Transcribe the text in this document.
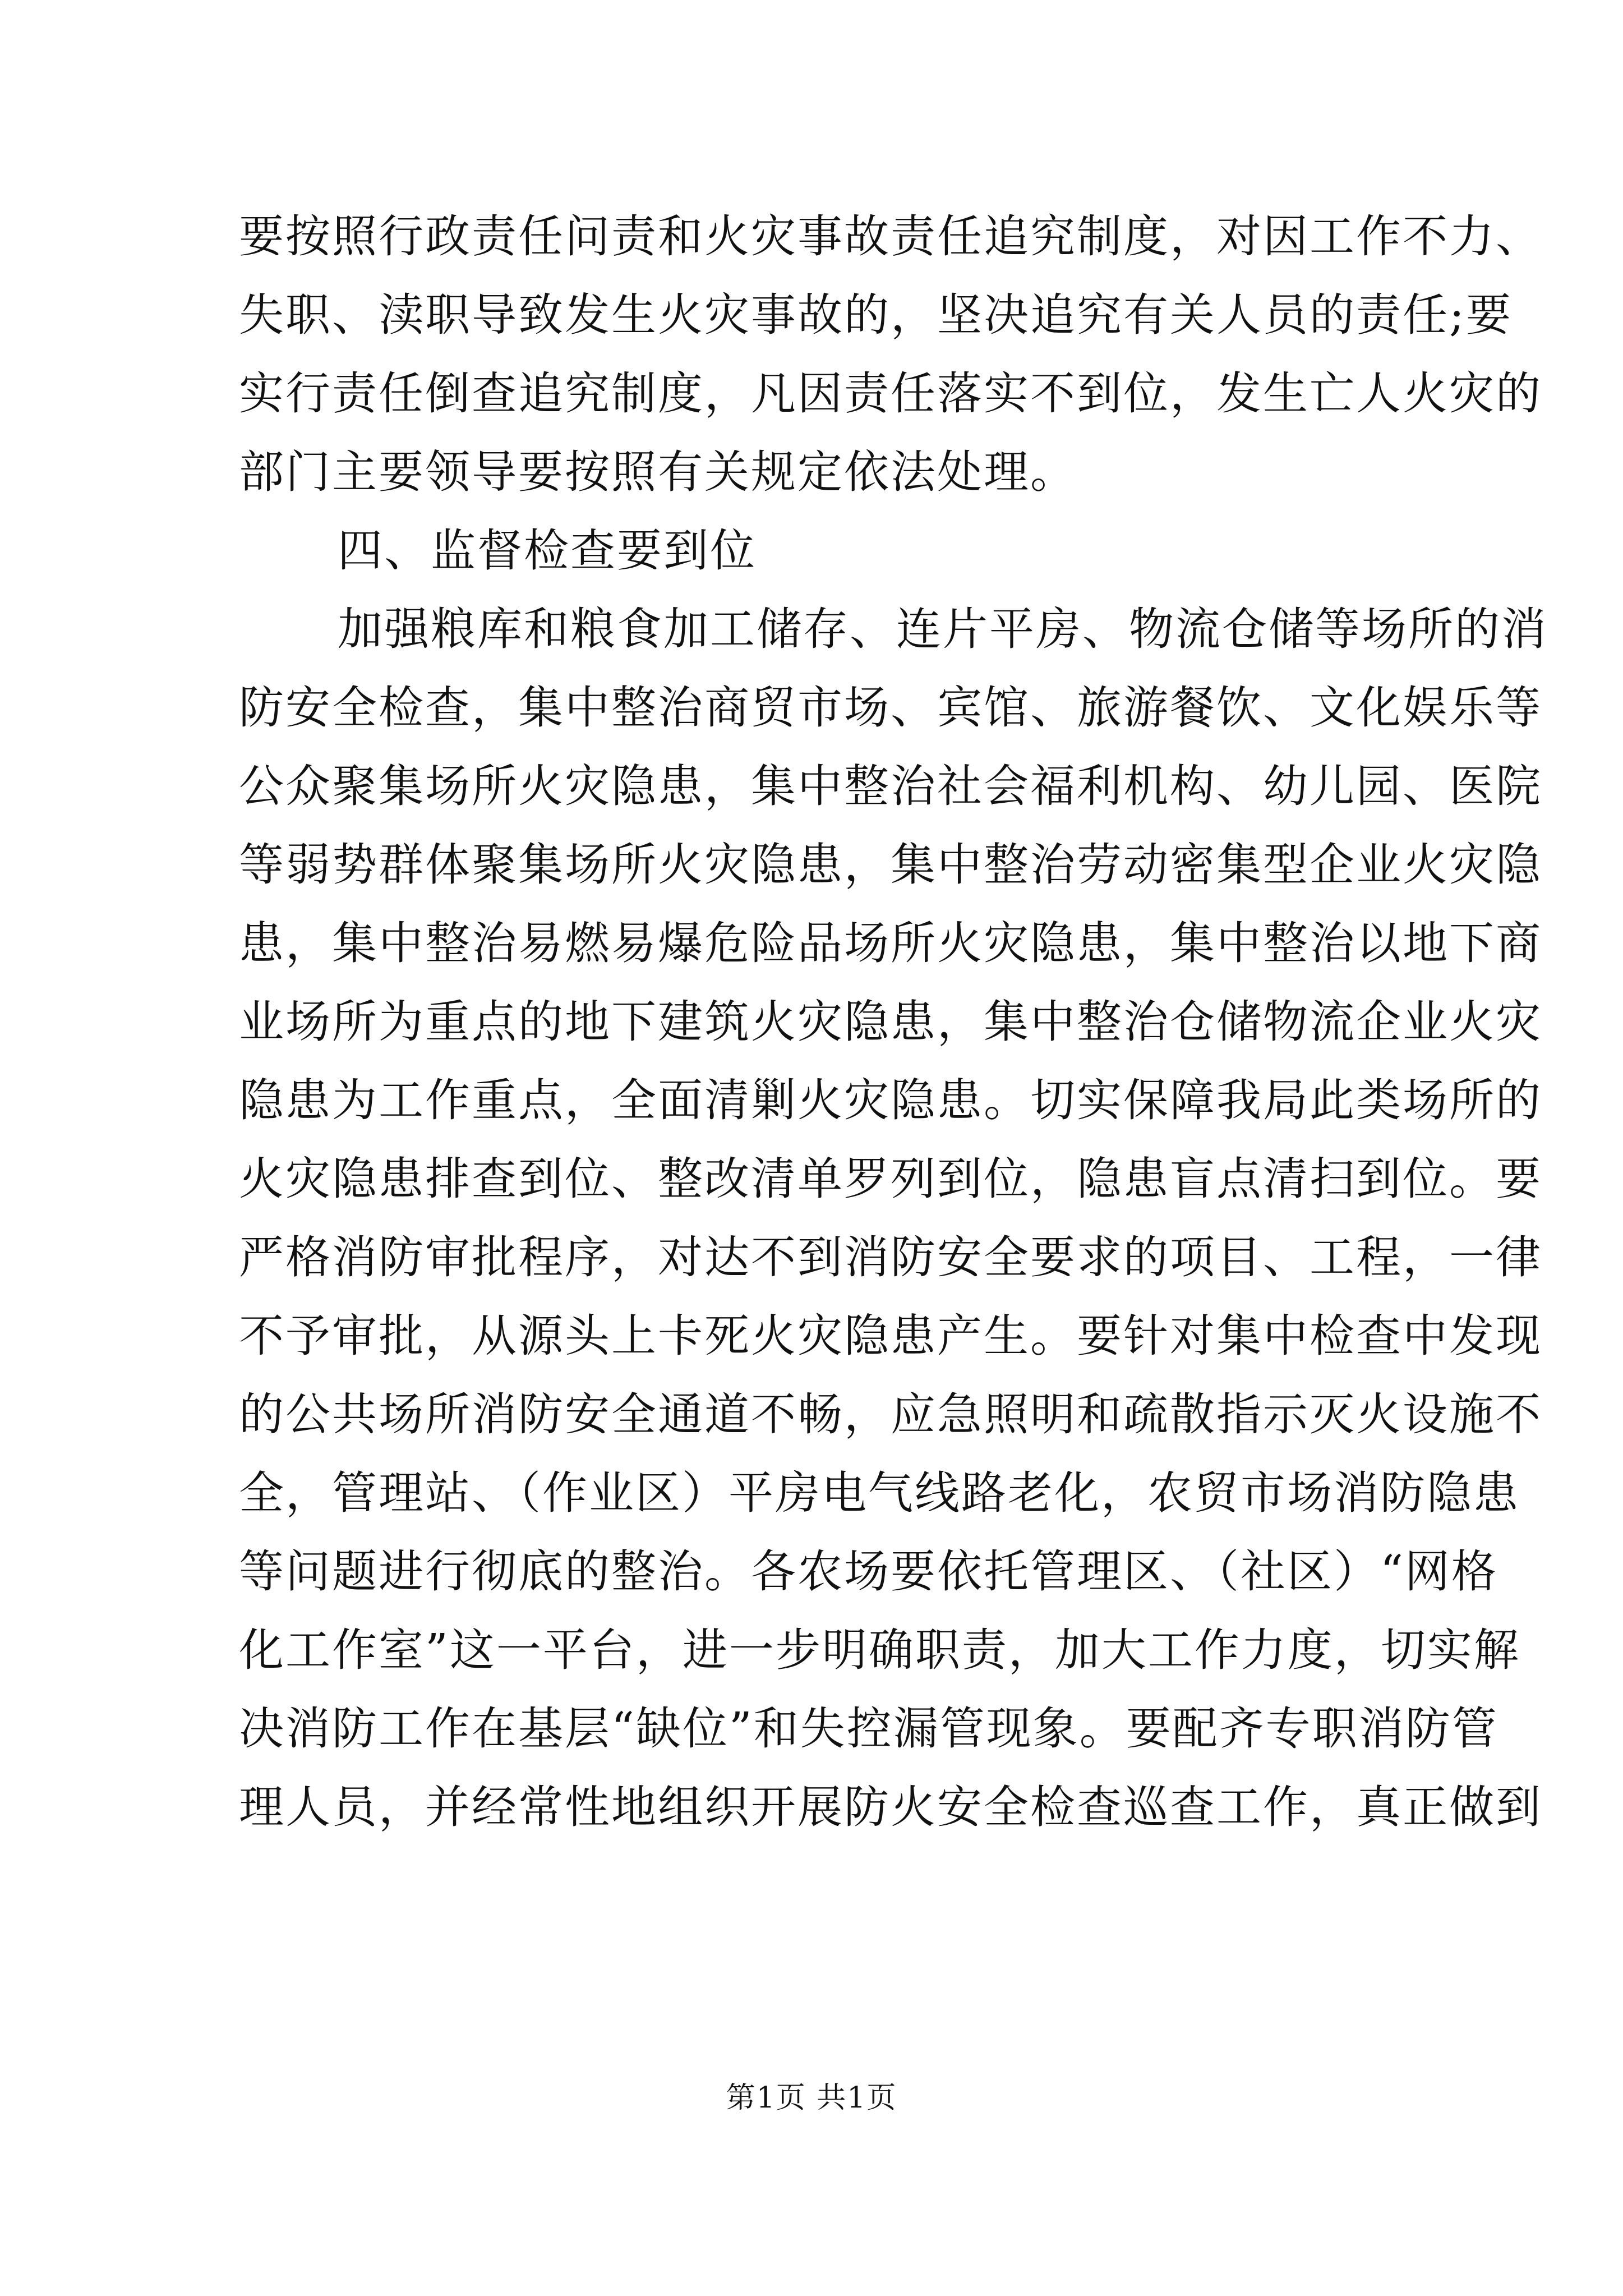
要按照行政责任问责和火灾事故责任追究制度，对因工作不力、
失职、渎职导致发生火灾事故的，坚决追究有关人员的责任;要
实行责任倒查追究制度，凡因责任落实不到位，发生亡人火灾的
部门主要领导要按照有关规定依法处理。
四、监督检查要到位
加强粮库和粮食加工储存、连片平房、物流仓储等场所的消
防安全检查，集中整治商贸市场、宾馆、旅游餐饮、文化娱乐等
公众聚集场所火灾隐患，集中整治社会福利机构、幼儿园、医院
等弱势群体聚集场所火灾隐患，集中整治劳动密集型企业火灾隐
患，集中整治易燃易爆危险品场所火灾隐患，集中整治以地下商
业场所为重点的地下建筑火灾隐患，集中整治仓储物流企业火灾
隐患为工作重点，全面清剿火灾隐患。切实保障我局此类场所的
火灾隐患排查到位、整改清单罗列到位，隐患盲点清扫到位。要
严格消防审批程序，对达不到消防安全要求的项目、工程，一律
不予审批，从源头上卡死火灾隐患产生。要针对集中检查中发现
的公共场所消防安全通道不畅，应急照明和疏散指示灭火设施不
全，管理站、（作业区）平房电气线路老化，农贸市场消防隐患
等问题进行彻底的整治。各农场要依托管理区、（社区）“网格
化工作室”这一平台，进一步明确职责，加大工作力度，切实解
决消防工作在基层“缺位”和失控漏管现象。要配齐专职消防管
理人员，并经常性地组织开展防火安全检查巡查工作，真正做到
第1页 共1页
